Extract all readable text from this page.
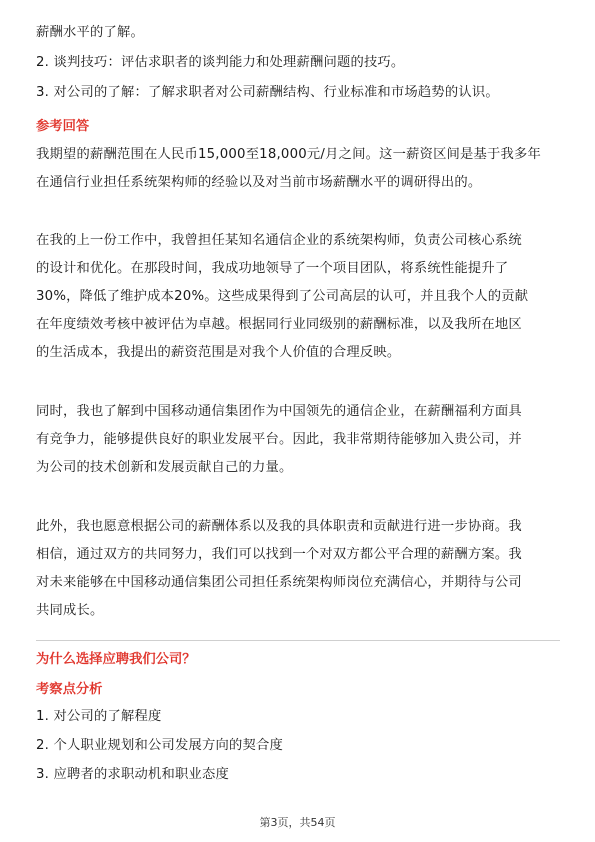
薪酬水平的了解。
2. 谈判技巧：评估求职者的谈判能力和处理薪酬问题的技巧。
3. 对公司的了解：了解求职者对公司薪酬结构、行业标准和市场趋势的认识。
参考回答
我期望的薪酬范围在人民币15,000至18,000元/月之间。这一薪资区间是基于我多年
在通信行业担任系统架构师的经验以及对当前市场薪酬水平的调研得出的。
在我的上一份工作中，我曾担任某知名通信企业的系统架构师，负责公司核心系统
的设计和优化。在那段时间，我成功地领导了一个项目团队，将系统性能提升了
30%，降低了维护成本20%。这些成果得到了公司高层的认可，并且我个人的贡献
在年度绩效考核中被评估为卓越。根据同行业同级别的薪酬标准，以及我所在地区
的生活成本，我提出的薪资范围是对我个人价值的合理反映。
同时，我也了解到中国移动通信集团作为中国领先的通信企业，在薪酬福利方面具
有竞争力，能够提供良好的职业发展平台。因此，我非常期待能够加入贵公司，并
为公司的技术创新和发展贡献自己的力量。
此外，我也愿意根据公司的薪酬体系以及我的具体职责和贡献进行进一步协商。我
相信，通过双方的共同努力，我们可以找到一个对双方都公平合理的薪酬方案。我
对未来能够在中国移动通信集团公司担任系统架构师岗位充满信心，并期待与公司
共同成长。
为什么选择应聘我们公司？
考察点分析
1. 对公司的了解程度
2. 个人职业规划和公司发展方向的契合度
3. 应聘者的求职动机和职业态度
第3页，共54页
